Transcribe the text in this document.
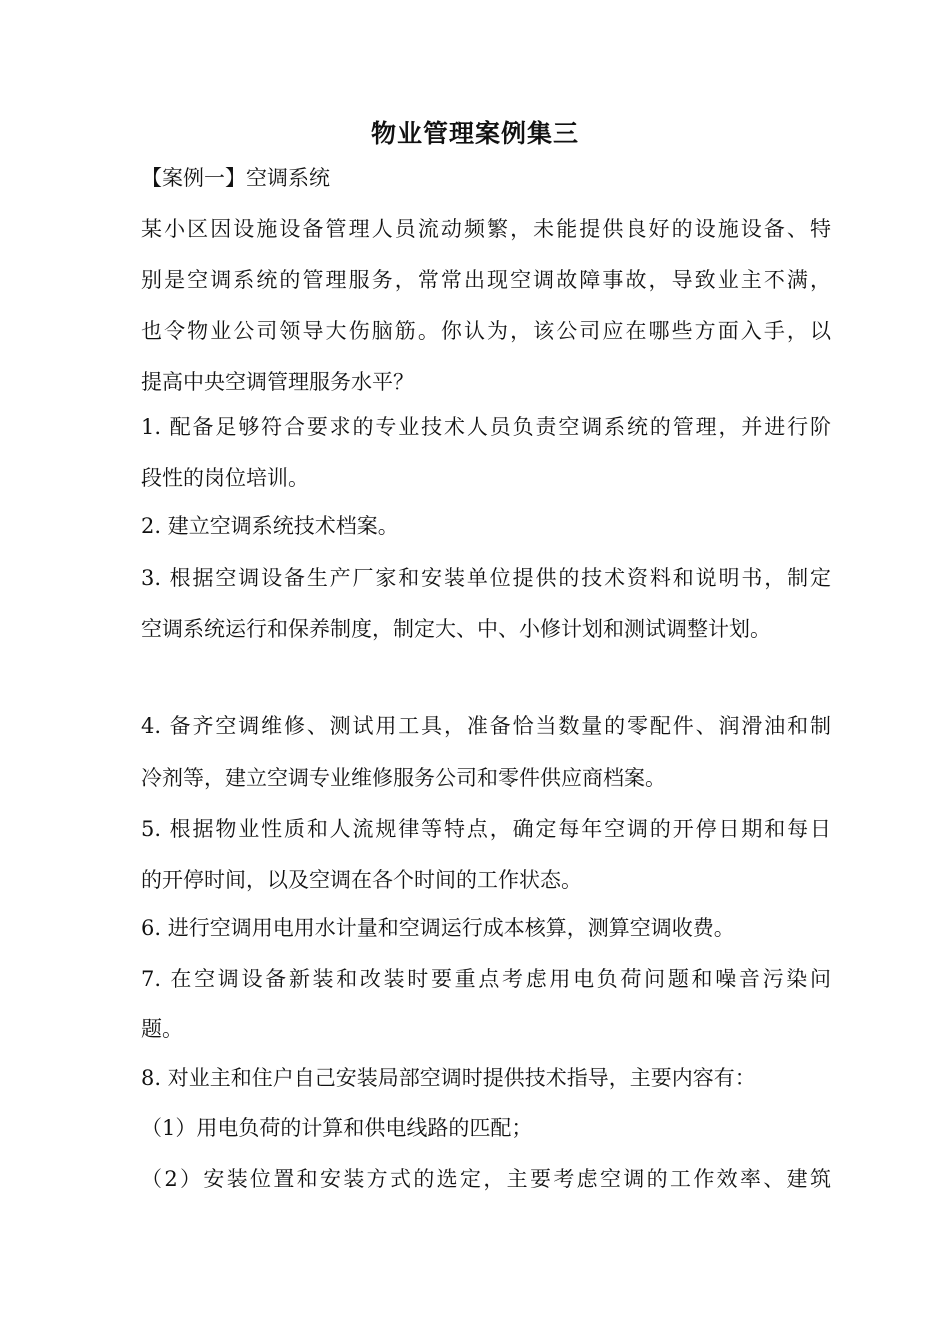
物业管理案例集三
【案例一】空调系统
某小区因设施设备管理人员流动频繁，未能提供良好的设施设备、特
别是空调系统的管理服务，常常出现空调故障事故，导致业主不满，
也令物业公司领导大伤脑筋。你认为，该公司应在哪些方面入手，以
提高中央空调管理服务水平？
1. 配备足够符合要求的专业技术人员负责空调系统的管理，并进行阶
段性的岗位培训。
2. 建立空调系统技术档案。
3. 根据空调设备生产厂家和安装单位提供的技术资料和说明书，制定
空调系统运行和保养制度，制定大、中、小修计划和测试调整计划。
4. 备齐空调维修、测试用工具，准备恰当数量的零配件、润滑油和制
冷剂等，建立空调专业维修服务公司和零件供应商档案。
5. 根据物业性质和人流规律等特点，确定每年空调的开停日期和每日
的开停时间，以及空调在各个时间的工作状态。
6. 进行空调用电用水计量和空调运行成本核算，测算空调收费。
7. 在空调设备新装和改装时要重点考虑用电负荷问题和噪音污染问
题。
8. 对业主和住户自己安装局部空调时提供技术指导，主要内容有：
（1）用电负荷的计算和供电线路的匹配；
（2）安装位置和安装方式的选定，主要考虑空调的工作效率、建筑
